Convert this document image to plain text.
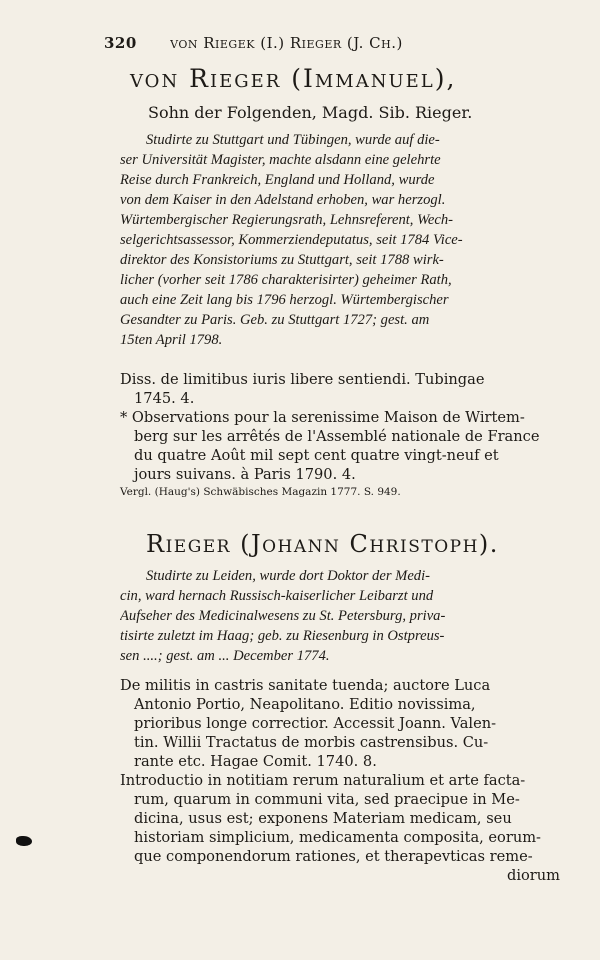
320 von Riegek (I.) Rieger (J. Ch.)
von Rieger (Immanuel),
Sohn der Folgenden, Magd. Sib. Rieger.
Studirte zu Stuttgart und Tübingen, wurde auf die-
ser Universität Magister, machte alsdann eine gelehrte
Reise durch Frankreich, England und Holland, wurde
von dem Kaiser in den Adelstand erhoben, war herzogl.
Würtembergischer Regierungsrath, Lehnsreferent, Wech-
selgerichtsassessor, Kommerziendeputatus, seit 1784 Vice-
direktor des Konsistoriums zu Stuttgart, seit 1788 wirk-
licher (vorher seit 1786 charakterisirter) geheimer Rath,
auch eine Zeit lang bis 1796 herzogl. Würtembergischer
Gesandter zu Paris. Geb. zu Stuttgart 1727; gest. am
15ten April 1798.
Diss. de limitibus iuris libere sentiendi. Tubingae
1745. 4.
* Observations pour la serenissime Maison de Wirtem-
berg sur les arrêtés de l'Assemblé nationale de France
du quatre Août mil sept cent quatre vingt-neuf et
jours suivans. à Paris 1790. 4.
Vergl. (Haug's) Schwäbisches Magazin 1777. S. 949.
Rieger (Johann Christoph).
Studirte zu Leiden, wurde dort Doktor der Medi-
cin, ward hernach Russisch-kaiserlicher Leibarzt und
Aufseher des Medicinalwesens zu St. Petersburg, priva-
tisirte zuletzt im Haag; geb. zu Riesenburg in Ostpreus-
sen ....; gest. am ... December 1774.
De militis in castris sanitate tuenda; auctore Luca
Antonio Portio, Neapolitano. Editio novissima,
prioribus longe correctior. Accessit Joann. Valen-
tin. Willii Tractatus de morbis castrensibus. Cu-
rante etc. Hagae Comit. 1740. 8.
Introductio in notitiam rerum naturalium et arte facta-
rum, quarum in communi vita, sed praecipue in Me-
dicina, usus est; exponens Materiam medicam, seu
historiam simplicium, medicamenta composita, eorum-
que componendorum rationes, et therapevticas reme-
diorum
